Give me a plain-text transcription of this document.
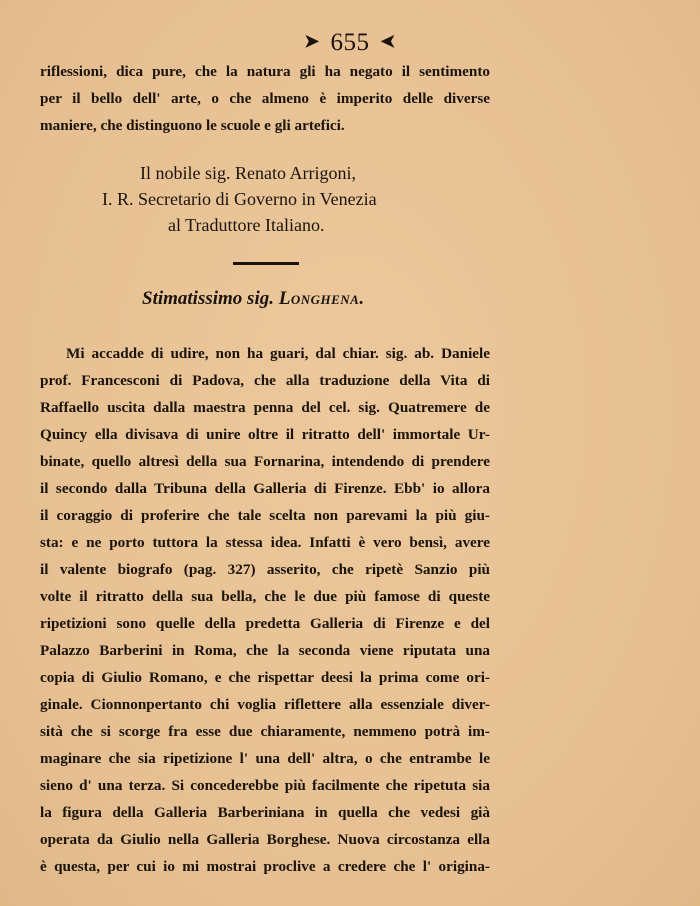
➤ 655 ➤
riflessioni, dica pure, che la natura gli ha negato il sentimento
per il bello dell' arte, o che almeno è imperito delle diverse
maniere, che distinguono le scuole e gli artefici.
Il nobile sig. Renato Arrigoni,
I. R. Secretario di Governo in Venezia
al Traduttore Italiano.
Stimatissimo sig. Longhena.
Mi accadde di udire, non ha guari, dal chiar. sig. ab. Daniele
prof. Francesconi di Padova, che alla traduzione della Vita di
Raffaello uscita dalla maestra penna del cel. sig. Quatremere de
Quincy ella divisava di unire oltre il ritratto dell' immortale Ur-
binate, quello altresì della sua Fornarina, intendendo di prendere
il secondo dalla Tribuna della Galleria di Firenze. Ebb' io allora
il coraggio di proferire che tale scelta non parevami la più giu-
sta: e ne porto tuttora la stessa idea. Infatti è vero bensì, avere
il valente biografo (pag. 327) asserito, che ripetè Sanzio più
volte il ritratto della sua bella, che le due più famose di queste
ripetizioni sono quelle della predetta Galleria di Firenze e del
Palazzo Barberini in Roma, che la seconda viene riputata una
copia di Giulio Romano, e che rispettar deesi la prima come ori-
ginale. Cionnonpertanto chi voglia riflettere alla essenziale diver-
sità che si scorge fra esse due chiaramente, nemmeno potrà im-
maginare che sia ripetizione l' una dell' altra, o che entrambe le
sieno d' una terza. Si concederebbe più facilmente che ripetuta sia
la figura della Galleria Barberiniana in quella che vedesi già
operata da Giulio nella Galleria Borghese. Nuova circostanza ella
è questa, per cui io mi mostrai proclive a credere che l' origina-
